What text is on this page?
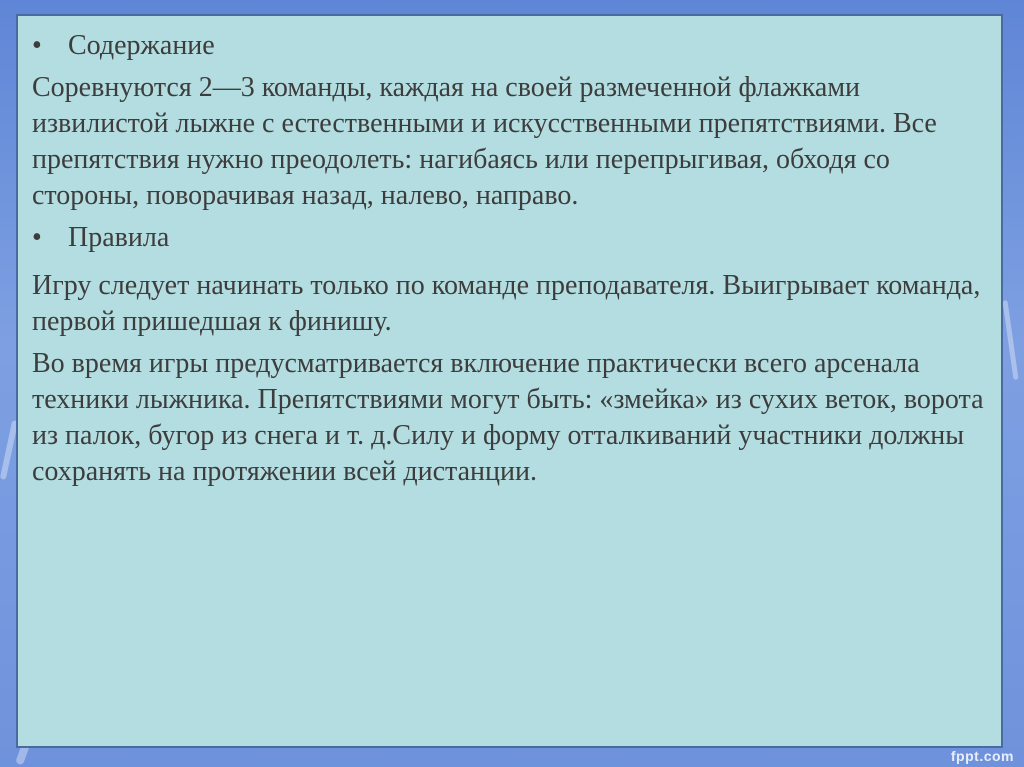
• Содержание

Соревнуются 2—3 команды, каждая на своей размеченной флажками извилистой лыжне с естественными и искусственными препятствиями. Все препятствия нужно преодолеть: нагибаясь или перепрыгивая, обходя со стороны, поворачивая назад, налево, направо.

• Правила

Игру следует начинать только по команде преподавателя. Выигрывает команда, первой пришедшая к финишу.

Во время игры предусматривается включение практически всего арсенала техники лыжника. Препятствиями могут быть: «змейка» из сухих веток, ворота из палок, бугор из снега и т. д.Силу и форму отталкиваний участники должны сохранять на протяжении всей дистанции.

fppt.com
